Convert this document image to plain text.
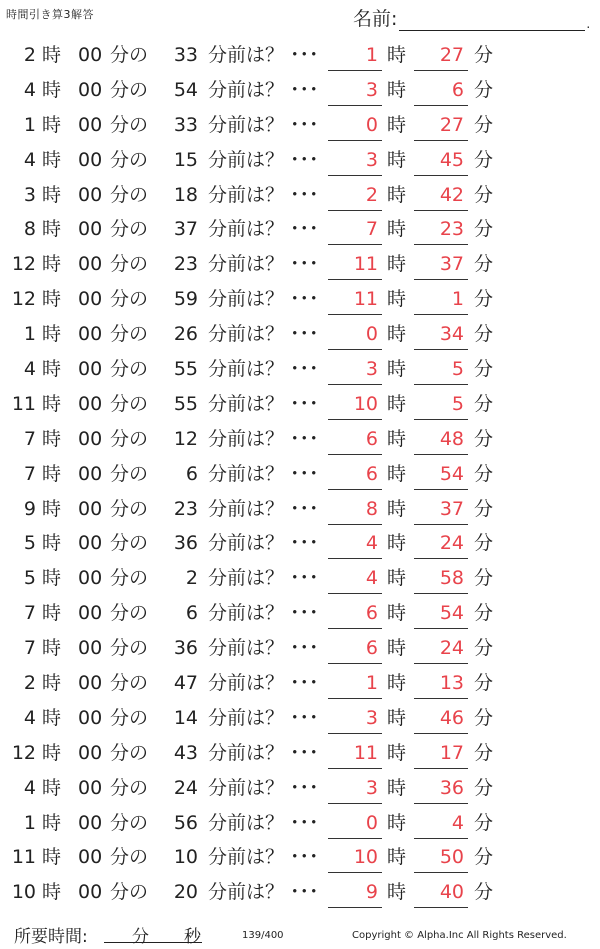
時間引き算3解答	名前:	.
2 時 00 分の	33 分前は？ ･･･	1 時	27 分
4 時 00 分の	54 分前は？ ･･･	3 時	6 分
1 時 00 分の	33 分前は？ ･･･	0 時	27 分
4 時 00 分の	15 分前は？ ･･･	3 時	45 分
3 時 00 分の	18 分前は？ ･･･	2 時	42 分
8 時 00 分の	37 分前は？ ･･･	7 時	23 分
12 時 00 分の	23 分前は？ ･･･	11 時	37 分
12 時 00 分の	59 分前は？ ･･･	11 時	1 分
1 時 00 分の	26 分前は？ ･･･	0 時	34 分
4 時 00 分の	55 分前は？ ･･･	3 時	5 分
11 時 00 分の	55 分前は？ ･･･	10 時	5 分
7 時 00 分の	12 分前は？ ･･･	6 時	48 分
7 時 00 分の	6 分前は？ ･･･	6 時	54 分
9 時 00 分の	23 分前は？ ･･･	8 時	37 分
5 時 00 分の	36 分前は？ ･･･	4 時	24 分
5 時 00 分の	2 分前は？ ･･･	4 時	58 分
7 時 00 分の	6 分前は？ ･･･	6 時	54 分
7 時 00 分の	36 分前は？ ･･･	6 時	24 分
2 時 00 分の	47 分前は？ ･･･	1 時	13 分
4 時 00 分の	14 分前は？ ･･･	3 時	46 分
12 時 00 分の	43 分前は？ ･･･	11 時	17 分
4 時 00 分の	24 分前は？ ･･･	3 時	36 分
1 時 00 分の	56 分前は？ ･･･	0 時	4 分
11 時 00 分の	10 分前は？ ･･･	10 時	50 分
10 時 00 分の	20 分前は？ ･･･	9 時	40 分
所要時間:	分 秒	139/400	Copyright © Alpha.Inc All Rights Reserved.
